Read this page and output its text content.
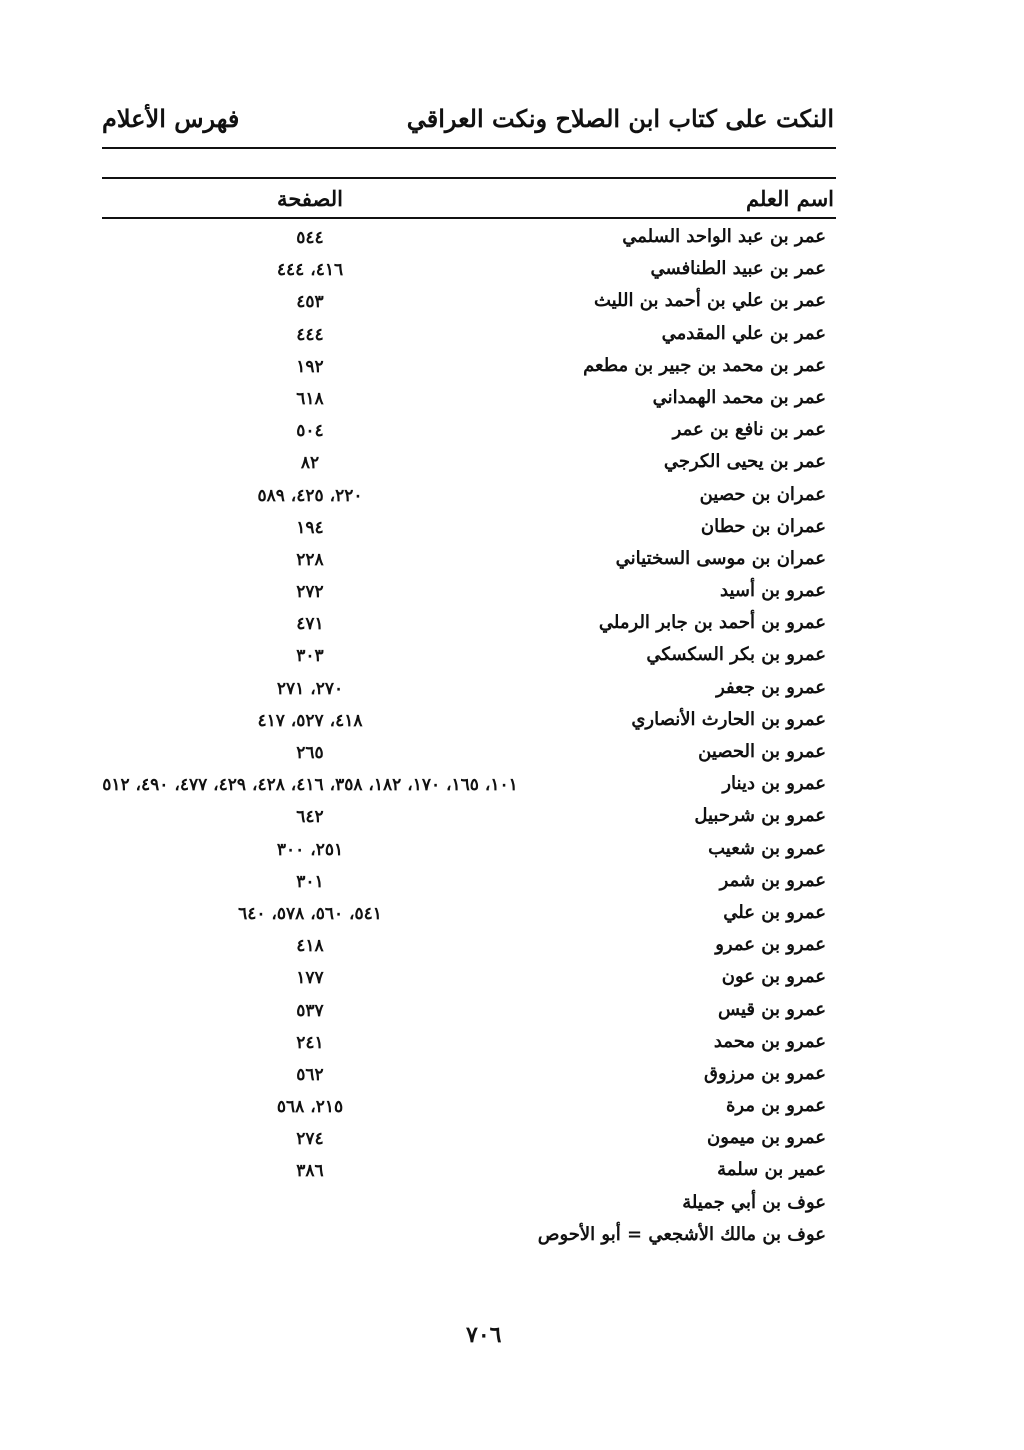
النكت على كتاب ابن الصلاح ونكت العراقي
فهرس الأعلام
اسم العلم
الصفحة
عمر بن عبد الواحد السلمي
٥٤٤
عمر بن عبيد الطنافسي
٤١٦، ٤٤٤
عمر بن علي بن أحمد بن الليث
٤٥٣
عمر بن علي المقدمي
٤٤٤
عمر بن محمد بن جبير بن مطعم
١٩٢
عمر بن محمد الهمداني
٦١٨
عمر بن نافع بن عمر
٥٠٤
عمر بن يحيى الكرجي
٨٢
عمران بن حصين
٢٢٠، ٤٢٥، ٥٨٩
عمران بن حطان
١٩٤
عمران بن موسى السختياني
٢٢٨
عمرو بن أسيد
٢٧٢
عمرو بن أحمد بن جابر الرملي
٤٧١
عمرو بن بكر السكسكي
٣٠٣
عمرو بن جعفر
٢٧٠، ٢٧١
عمرو بن الحارث الأنصاري
٤١٨، ٥٢٧، ٤١٧
عمرو بن الحصين
٢٦٥
عمرو بن دينار
١٠١، ١٦٥، ١٧٠، ١٨٢، ٣٥٨، ٤١٦، ٤٢٨، ٤٢٩، ٤٧٧، ٤٩٠، ٥١٢
عمرو بن شرحبيل
٦٤٢
عمرو بن شعيب
٢٥١، ٣٠٠
عمرو بن شمر
٣٠١
عمرو بن علي
٥٤١، ٥٦٠، ٥٧٨، ٦٤٠
عمرو بن عمرو
٤١٨
عمرو بن عون
١٧٧
عمرو بن قيس
٥٣٧
عمرو بن محمد
٢٤١
عمرو بن مرزوق
٥٦٢
عمرو بن مرة
٢١٥، ٥٦٨
عمرو بن ميمون
٢٧٤
عمير بن سلمة
٣٨٦
عوف بن أبي جميلة
عوف بن مالك الأشجعي = أبو الأحوص
٧٠٦
